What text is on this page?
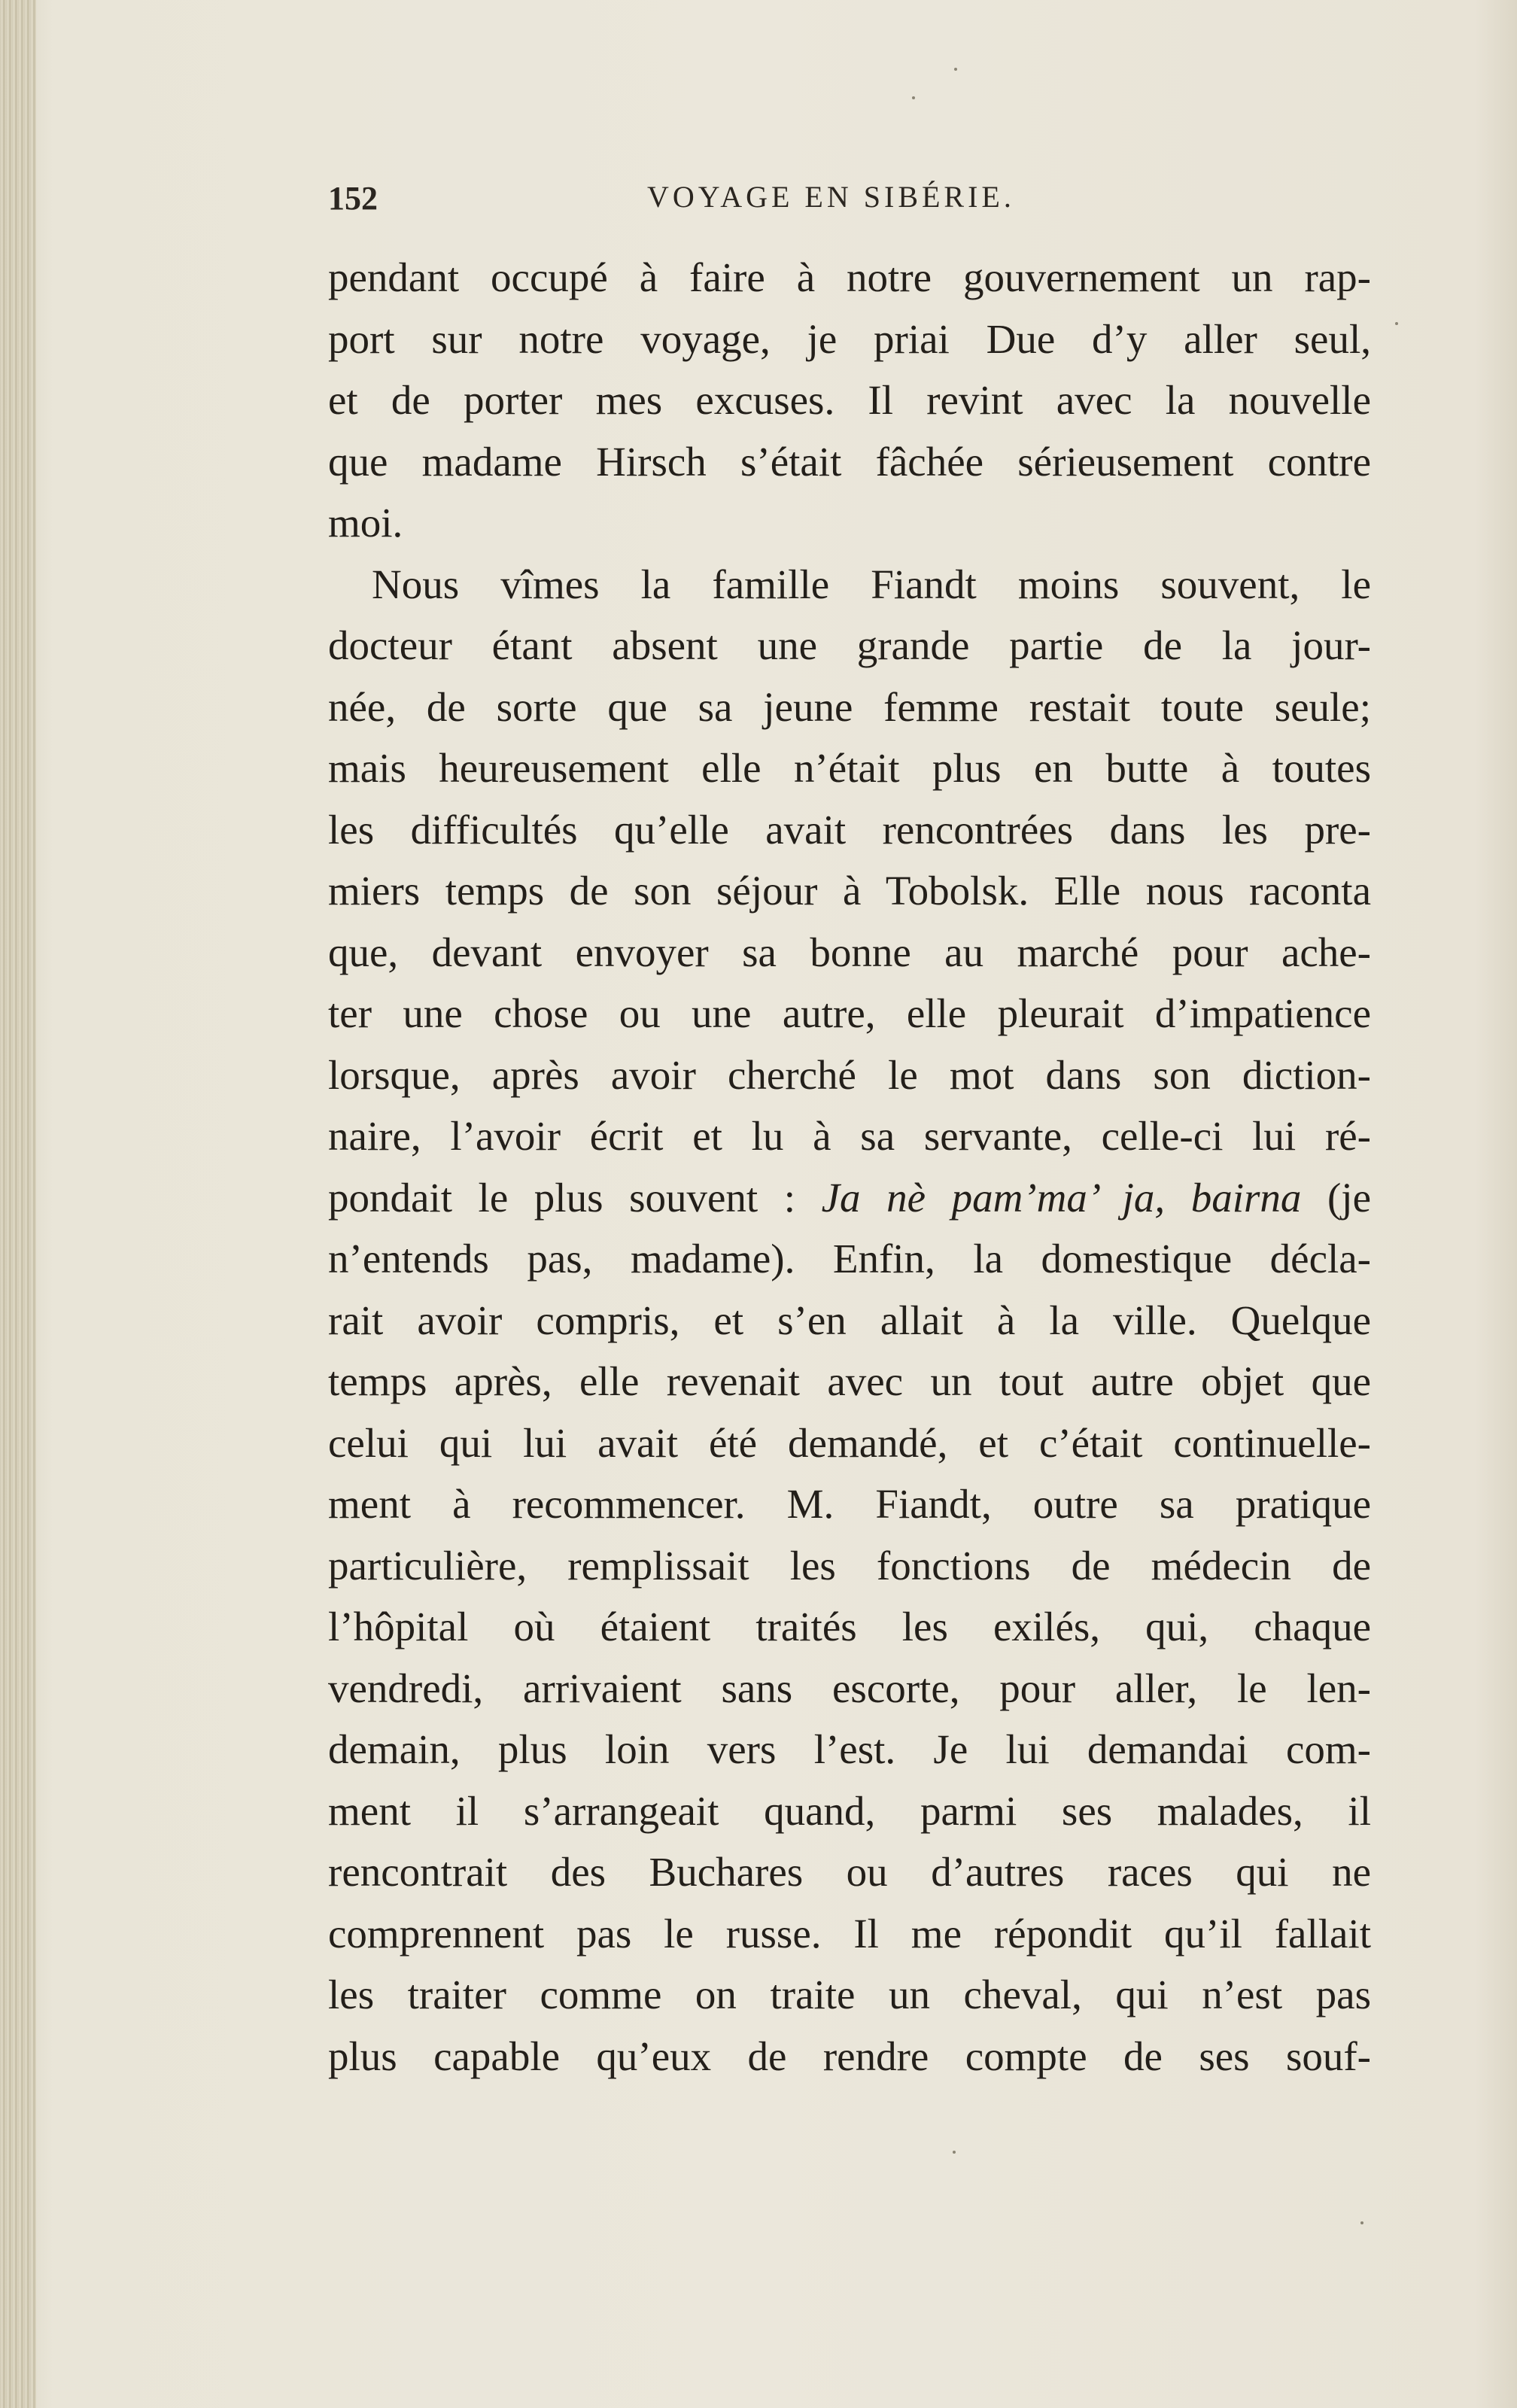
152	VOYAGE EN SIBÉRIE.
pendant occupé à faire à notre gouvernement un rap-
port sur notre voyage, je priai Due d’y aller seul,
et de porter mes excuses. Il revint avec la nouvelle
que madame Hirsch s’était fâchée sérieusement contre
moi.
Nous vîmes la famille Fiandt moins souvent, le
docteur étant absent une grande partie de la jour-
née, de sorte que sa jeune femme restait toute seule;
mais heureusement elle n’était plus en butte à toutes
les difficultés qu’elle avait rencontrées dans les pre-
miers temps de son séjour à Tobolsk. Elle nous raconta
que, devant envoyer sa bonne au marché pour ache-
ter une chose ou une autre, elle pleurait d’impatience
lorsque, après avoir cherché le mot dans son diction-
naire, l’avoir écrit et lu à sa servante, celle-ci lui ré-
pondait le plus souvent : Ja nè pam’ma’ ja, bairna (je
n’entends pas, madame). Enfin, la domestique décla-
rait avoir compris, et s’en allait à la ville. Quelque
temps après, elle revenait avec un tout autre objet que
celui qui lui avait été demandé, et c’était continuelle-
ment à recommencer. M. Fiandt, outre sa pratique
particulière, remplissait les fonctions de médecin de
l’hôpital où étaient traités les exilés, qui, chaque
vendredi, arrivaient sans escorte, pour aller, le len-
demain, plus loin vers l’est. Je lui demandai com-
ment il s’arrangeait quand, parmi ses malades, il
rencontrait des Buchares ou d’autres races qui ne
comprennent pas le russe. Il me répondit qu’il fallait
les traiter comme on traite un cheval, qui n’est pas
plus capable qu’eux de rendre compte de ses souf-
